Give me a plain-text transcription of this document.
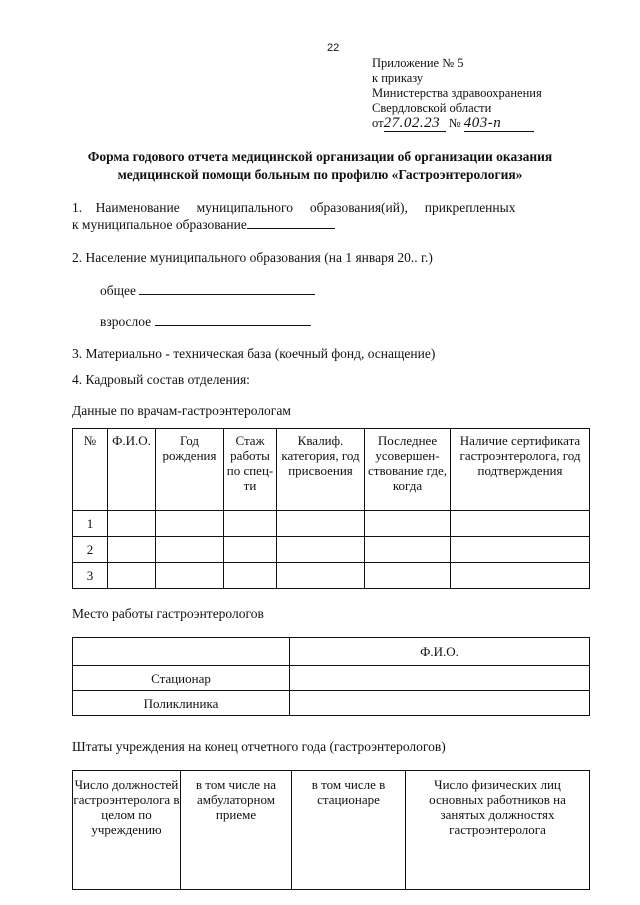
22
Приложение № 5
к приказу
Министерства здравоохранения
Свердловской области
от27.02.23 № 403-п
Форма годового отчета медицинской организации об организации оказания медицинской помощи больным по профилю «Гастроэнтерология»
1.    Наименование     муниципального     образования(ий),     прикрепленных
к муниципальное образование
2. Население муниципального образования (на 1 января 20.. г.)
общее
взрослое
3. Материально - техническая база (коечный фонд, оснащение)
4. Кадровый состав отделения:
Данные по врачам-гастроэнтерологам
№	Ф.И.О.	Год рождения	Стаж работы по спец-ти	Квалиф. категория, год присвоения	Последнее усовершен-ствование где, когда	Наличие сертификата гастроэнтеролога, год подтверждения
1						
2						
3						
Место работы гастроэнтерологов
	Ф.И.О.
Стационар	
Поликлиника	
Штаты учреждения на конец отчетного года (гастроэнтерологов)
Число должностей гастроэнтеролога в целом по учреждению	в том числе на амбулаторном приеме	в том числе в стационаре	Число физических лиц основных работников на занятых должностях гастроэнтеролога
